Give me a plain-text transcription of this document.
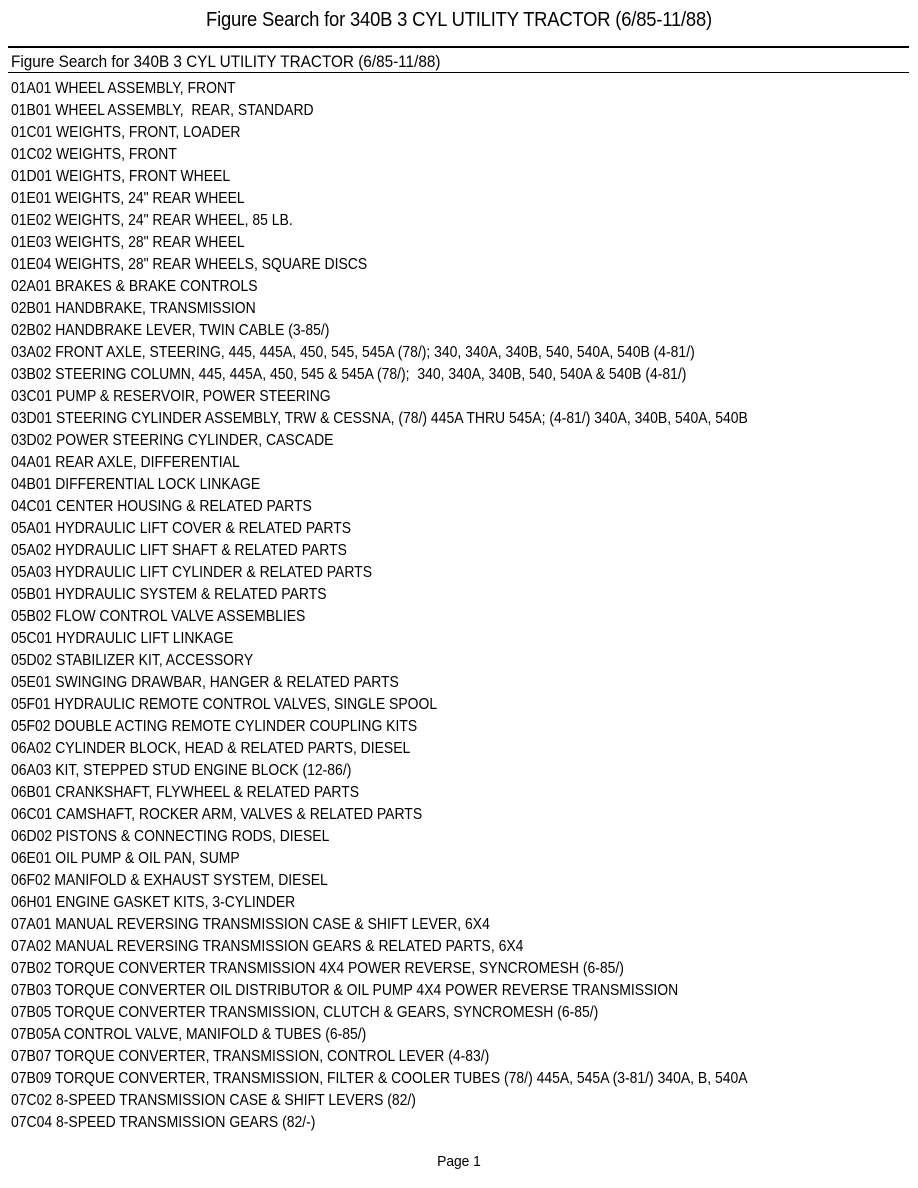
Figure Search for 340B 3 CYL UTILITY TRACTOR (6/85-11/88)
Figure Search for 340B 3 CYL UTILITY TRACTOR (6/85-11/88)
01A01 WHEEL ASSEMBLY, FRONT
01B01 WHEEL ASSEMBLY,  REAR, STANDARD
01C01 WEIGHTS, FRONT, LOADER
01C02 WEIGHTS, FRONT
01D01 WEIGHTS, FRONT WHEEL
01E01 WEIGHTS, 24" REAR WHEEL
01E02 WEIGHTS, 24" REAR WHEEL, 85 LB.
01E03 WEIGHTS, 28" REAR WHEEL
01E04 WEIGHTS, 28" REAR WHEELS, SQUARE DISCS
02A01 BRAKES & BRAKE CONTROLS
02B01 HANDBRAKE, TRANSMISSION
02B02 HANDBRAKE LEVER, TWIN CABLE (3-85/)
03A02 FRONT AXLE, STEERING, 445, 445A, 450, 545, 545A (78/); 340, 340A, 340B, 540, 540A, 540B (4-81/)
03B02 STEERING COLUMN, 445, 445A, 450, 545 & 545A (78/);  340, 340A, 340B, 540, 540A & 540B (4-81/)
03C01 PUMP & RESERVOIR, POWER STEERING
03D01 STEERING CYLINDER ASSEMBLY, TRW & CESSNA, (78/) 445A THRU 545A; (4-81/) 340A, 340B, 540A, 540B
03D02 POWER STEERING CYLINDER, CASCADE
04A01 REAR AXLE, DIFFERENTIAL
04B01 DIFFERENTIAL LOCK LINKAGE
04C01 CENTER HOUSING & RELATED PARTS
05A01 HYDRAULIC LIFT COVER & RELATED PARTS
05A02 HYDRAULIC LIFT SHAFT & RELATED PARTS
05A03 HYDRAULIC LIFT CYLINDER & RELATED PARTS
05B01 HYDRAULIC SYSTEM & RELATED PARTS
05B02 FLOW CONTROL VALVE ASSEMBLIES
05C01 HYDRAULIC LIFT LINKAGE
05D02 STABILIZER KIT, ACCESSORY
05E01 SWINGING DRAWBAR, HANGER & RELATED PARTS
05F01 HYDRAULIC REMOTE CONTROL VALVES, SINGLE SPOOL
05F02 DOUBLE ACTING REMOTE CYLINDER COUPLING KITS
06A02 CYLINDER BLOCK, HEAD & RELATED PARTS, DIESEL
06A03 KIT, STEPPED STUD ENGINE BLOCK (12-86/)
06B01 CRANKSHAFT, FLYWHEEL & RELATED PARTS
06C01 CAMSHAFT, ROCKER ARM, VALVES & RELATED PARTS
06D02 PISTONS & CONNECTING RODS, DIESEL
06E01 OIL PUMP & OIL PAN, SUMP
06F02 MANIFOLD & EXHAUST SYSTEM, DIESEL
06H01 ENGINE GASKET KITS, 3-CYLINDER
07A01 MANUAL REVERSING TRANSMISSION CASE & SHIFT LEVER, 6X4
07A02 MANUAL REVERSING TRANSMISSION GEARS & RELATED PARTS, 6X4
07B02 TORQUE CONVERTER TRANSMISSION 4X4 POWER REVERSE, SYNCROMESH (6-85/)
07B03 TORQUE CONVERTER OIL DISTRIBUTOR & OIL PUMP 4X4 POWER REVERSE TRANSMISSION
07B05 TORQUE CONVERTER TRANSMISSION, CLUTCH & GEARS, SYNCROMESH (6-85/)
07B05A CONTROL VALVE, MANIFOLD & TUBES (6-85/)
07B07 TORQUE CONVERTER, TRANSMISSION, CONTROL LEVER (4-83/)
07B09 TORQUE CONVERTER, TRANSMISSION, FILTER & COOLER TUBES (78/) 445A, 545A (3-81/) 340A, B, 540A
07C02 8-SPEED TRANSMISSION CASE & SHIFT LEVERS (82/)
07C04 8-SPEED TRANSMISSION GEARS (82/-)
Page 1
